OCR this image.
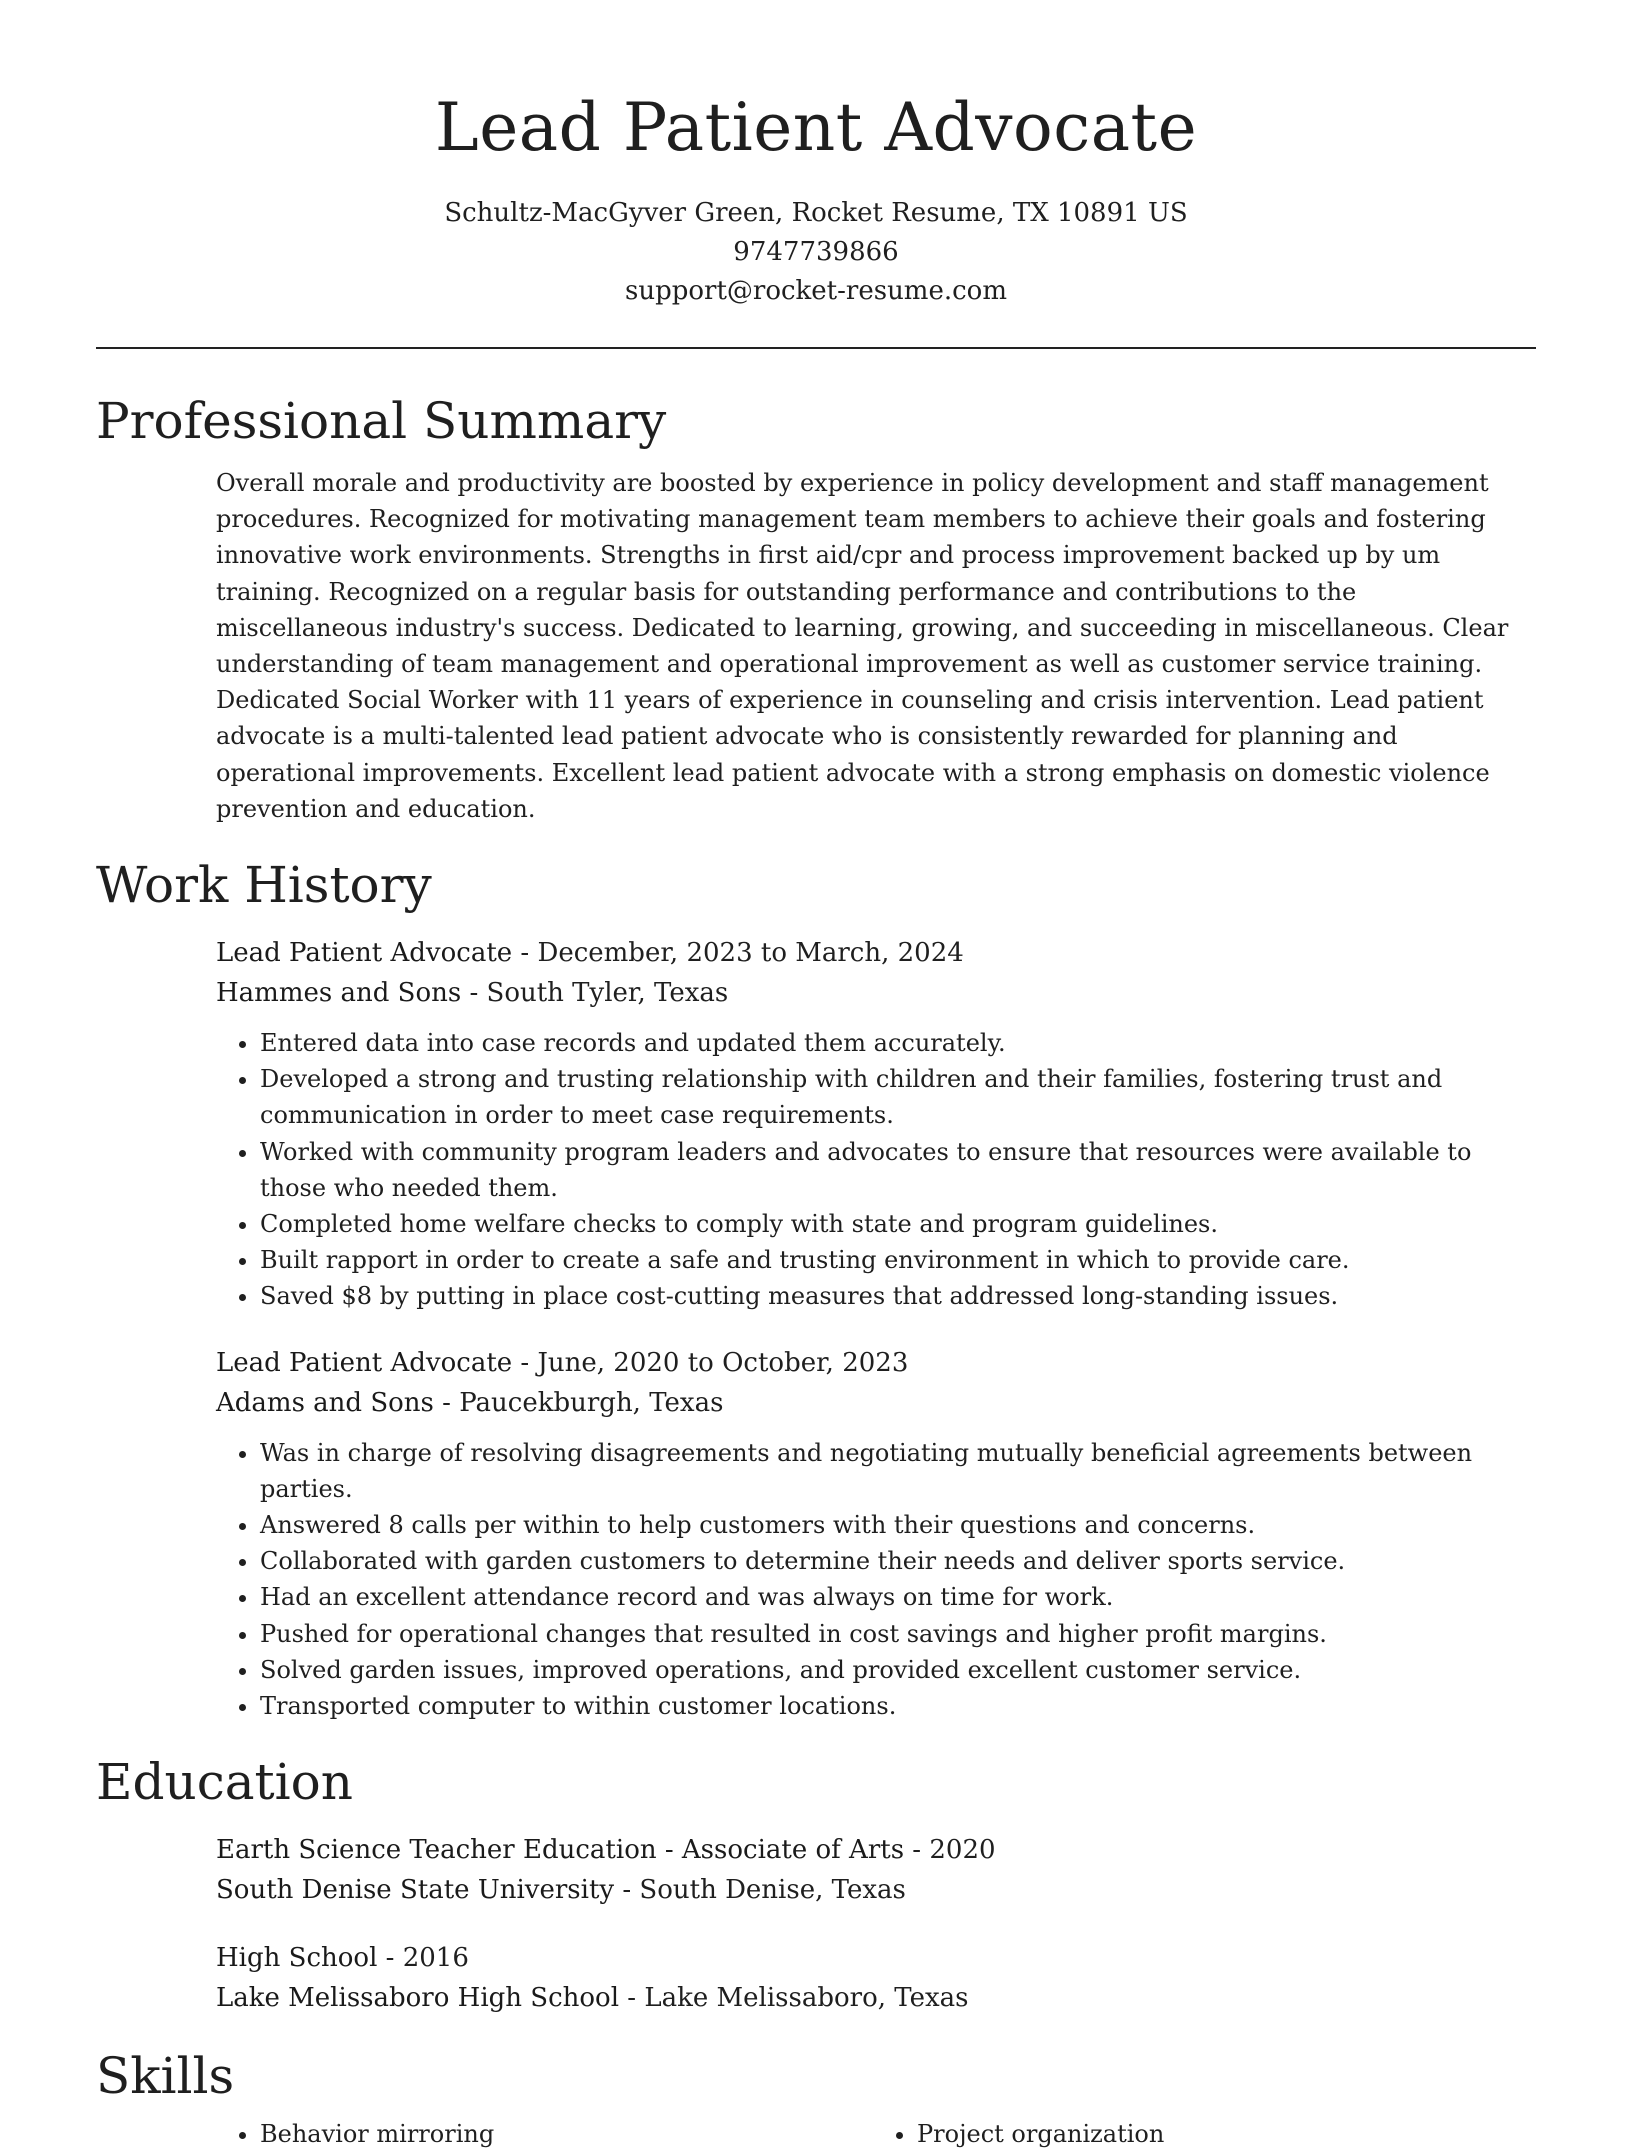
Lead Patient Advocate
Schultz-MacGyver Green, Rocket Resume, TX 10891 US
9747739866
support@rocket-resume.com
Professional Summary
Overall morale and productivity are boosted by experience in policy development and staff management procedures. Recognized for motivating management team members to achieve their goals and fostering innovative work environments. Strengths in first aid/cpr and process improvement backed up by um training. Recognized on a regular basis for outstanding performance and contributions to the miscellaneous industry's success. Dedicated to learning, growing, and succeeding in miscellaneous. Clear understanding of team management and operational improvement as well as customer service training. Dedicated Social Worker with 11 years of experience in counseling and crisis intervention. Lead patient advocate is a multi-talented lead patient advocate who is consistently rewarded for planning and operational improvements. Excellent lead patient advocate with a strong emphasis on domestic violence prevention and education.
Work History
Lead Patient Advocate - December, 2023 to March, 2024
Hammes and Sons - South Tyler, Texas
• Entered data into case records and updated them accurately.
• Developed a strong and trusting relationship with children and their families, fostering trust and communication in order to meet case requirements.
• Worked with community program leaders and advocates to ensure that resources were available to those who needed them.
• Completed home welfare checks to comply with state and program guidelines.
• Built rapport in order to create a safe and trusting environment in which to provide care.
• Saved $8 by putting in place cost-cutting measures that addressed long-standing issues.
Lead Patient Advocate - June, 2020 to October, 2023
Adams and Sons - Paucekburgh, Texas
• Was in charge of resolving disagreements and negotiating mutually beneficial agreements between parties.
• Answered 8 calls per within to help customers with their questions and concerns.
• Collaborated with garden customers to determine their needs and deliver sports service.
• Had an excellent attendance record and was always on time for work.
• Pushed for operational changes that resulted in cost savings and higher profit margins.
• Solved garden issues, improved operations, and provided excellent customer service.
• Transported computer to within customer locations.
Education
Earth Science Teacher Education - Associate of Arts - 2020
South Denise State University - South Denise, Texas
High School - 2016
Lake Melissaboro High School - Lake Melissaboro, Texas
Skills
• Behavior mirroring
•	Project organization
